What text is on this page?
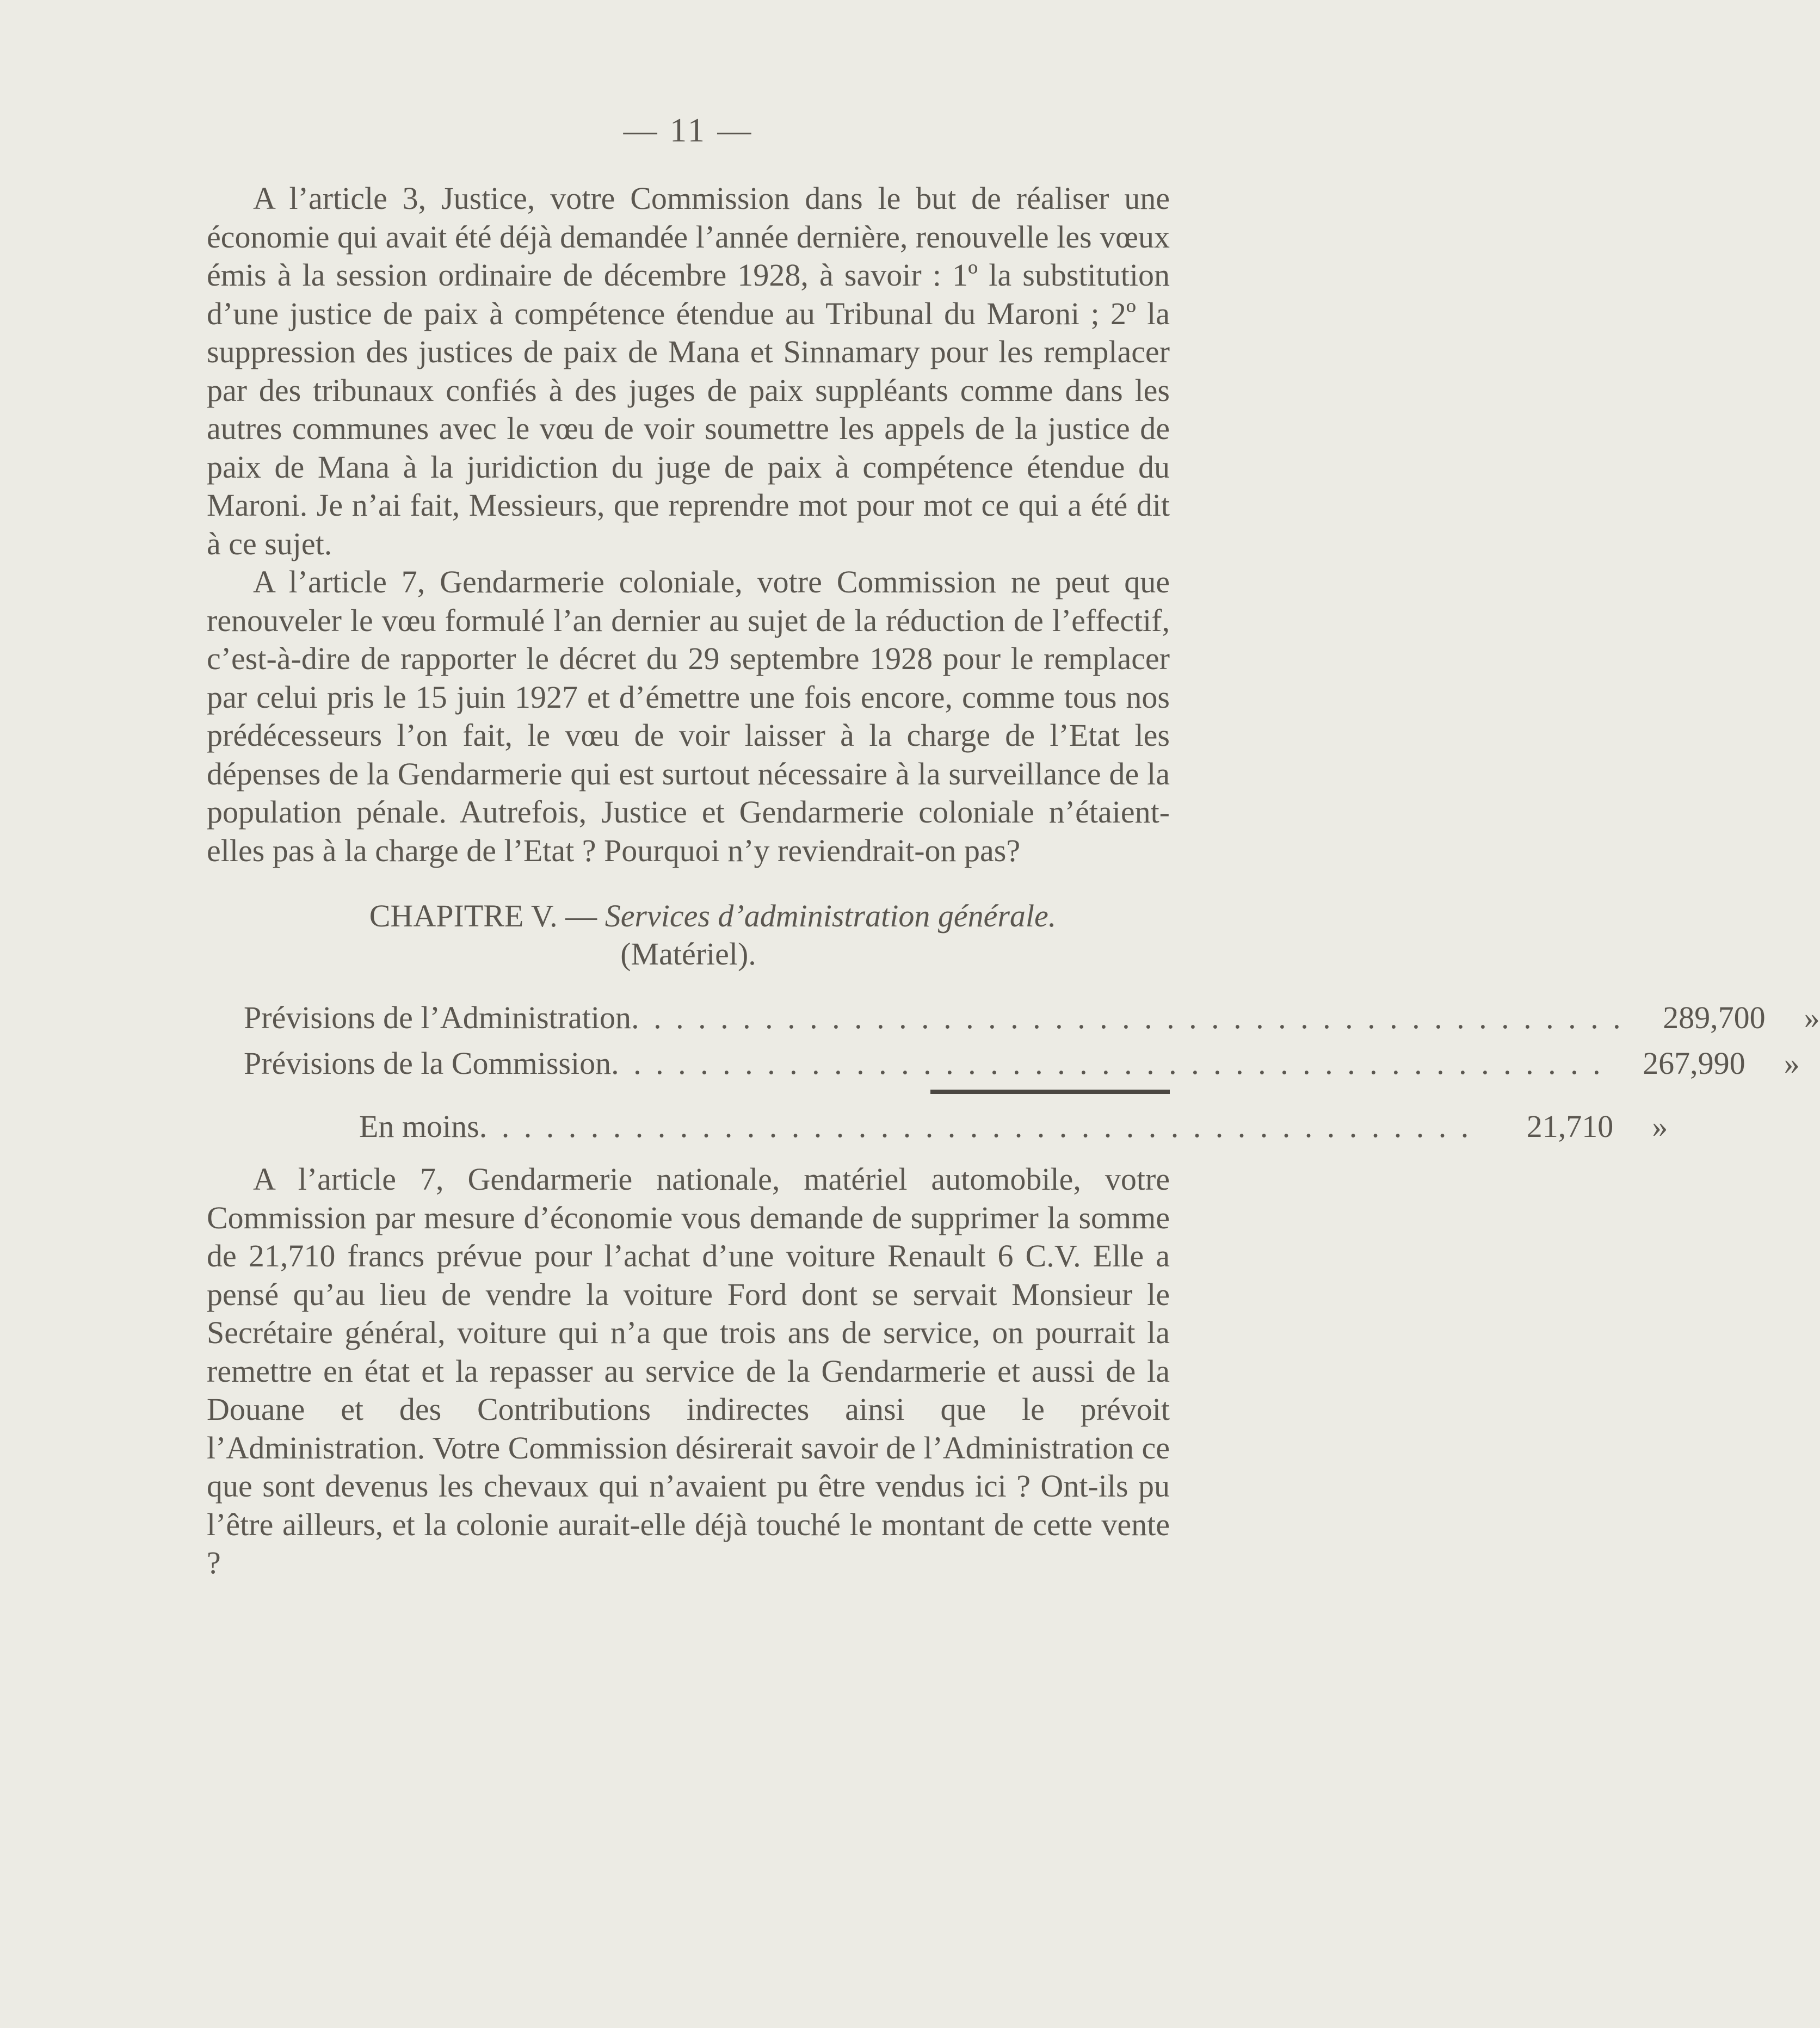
— 11 —

A l’article 3, Justice, votre Commission dans le but de réaliser une économie qui avait été déjà demandée l’année dernière, renouvelle les vœux émis à la session ordinaire de décembre 1928, à savoir : 1º la substitution d’une justice de paix à compétence étendue au Tribunal du Maroni ; 2º la suppression des justices de paix de Mana et Sinnamary pour les remplacer par des tribunaux confiés à des juges de paix suppléants comme dans les autres communes avec le vœu de voir soumettre les appels de la justice de paix de Mana à la juridiction du juge de paix à compétence étendue du Maroni. Je n’ai fait, Messieurs, que reprendre mot pour mot ce qui a été dit à ce sujet.

A l’article 7, Gendarmerie coloniale, votre Commission ne peut que renouveler le vœu formulé l’an dernier au sujet de la réduction de l’effectif, c’est-à-dire de rapporter le décret du 29 septembre 1928 pour le remplacer par celui pris le 15 juin 1927 et d’émettre une fois encore, comme tous nos prédécesseurs l’on fait, le vœu de voir laisser à la charge de l’Etat les dépenses de la Gendarmerie qui est surtout nécessaire à la surveillance de la population pénale. Autrefois, Justice et Gendarmerie coloniale n’étaient-elles pas à la charge de l’Etat ? Pourquoi n’y reviendrait-on pas?

CHAPITRE V. — Services d’administration générale.
(Matériel).
Prévisions de l’Administration . . . . . . . . . . . . . . . . . . . . . . . . . . . . . . . . . . . . . . . . . . . . .	289,700	»
Prévisions de la Commission . . . . . . . . . . . . . . . . . . . . . . . . . . . . . . . . . . . . . . . . . . . . .	267,990	»
En moins . . . . . . . . . . . . . . . . . . . . . . . . . . . . . . . . . . . . . . . . . . . . .	21,710	»

A l’article 7, Gendarmerie nationale, matériel automobile, votre Commission par mesure d’économie vous demande de supprimer la somme de 21,710 francs prévue pour l’achat d’une voiture Renault 6 C.V. Elle a pensé qu’au lieu de vendre la voiture Ford dont se servait Monsieur le Secrétaire général, voiture qui n’a que trois ans de service, on pourrait la remettre en état et la repasser au service de la Gendarmerie et aussi de la Douane et des Contributions indirectes ainsi que le prévoit l’Administration. Votre Commission désirerait savoir de l’Administration ce que sont devenus les chevaux qui n’avaient pu être vendus ici ? Ont-ils pu l’être ailleurs, et la colonie aurait-elle déjà touché le montant de cette vente ?
